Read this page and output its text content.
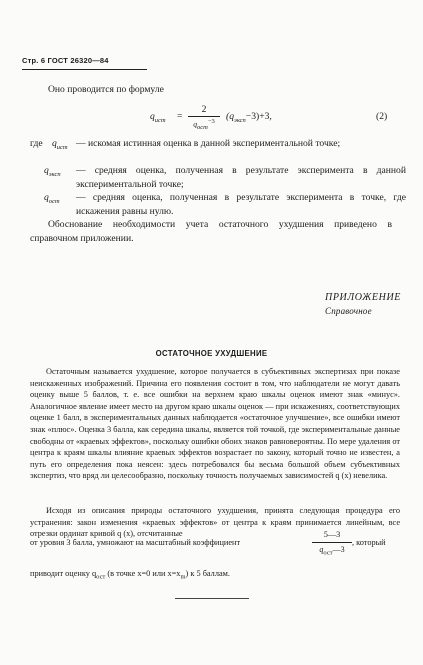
Стр. 6 ГОСТ 26320—84
Оно проводится по формуле
$q_{ист}$ =
2
$q_{ост}^{-3}$	$(q_{эксп}-3)+3$,	(2)
где $q_{ист}$ — искомая истинная оценка в данной экспериментальной точке;
$q_{эксп}$ — средняя оценка, полученная в результате эксперимента в данной экспериментальной точке;
$q_{ост}$ — средняя оценка, полученная в результате эксперимента в точке, где искажения равны нулю.
Обоснование необходимости учета остаточного ухудшения приведено в справочном приложении.
ПРИЛОЖЕНИЕ
Справочное
ОСТАТОЧНОЕ УХУДШЕНИЕ
Остаточным называется ухудшение, которое получается в субъективных экспертизах при показе неискаженных изображений. Причина его появления состоит в том, что наблюдатели не могут давать оценку выше 5 баллов, т. е. все ошибки на верхнем краю шкалы оценок имеют знак «минус». Аналогичное явление имеет место на другом краю шкалы оценок — при искажениях, соответствующих оценке 1 балл, в экспериментальных данных наблюдается «остаточное улучшение», все ошибки имеют знак «плюс». Оценка 3 балла, как середина шкалы, является той точкой, где экспериментальные данные свободны от «краевых эффектов», поскольку ошибки обоих знаков равновероятны. По мере удаления от центра к краям шкалы влияние краевых эффектов возрастает по закону, который точно не известен, а путь его определения пока неясен: здесь потребовался бы весьма большой объем субъективных экспертиз, что вряд ли целесообразно, поскольку точность получаемых зависимостей q (x) невелика.
Исходя из описания природы остаточного ухудшения, принята следующая процедура его устранения: закон изменения «краевых эффектов» от центра к краям принимается линейным, все отрезки ординат кривой q (x), отсчитанные
от уровня 3 балла, умножают на масштабный коэффициент
5—3
$q_{ост}—3$
, который
приводит оценку $q_{ост}$ (в точке x=0 или $x=x_m$) к 5 баллам.
